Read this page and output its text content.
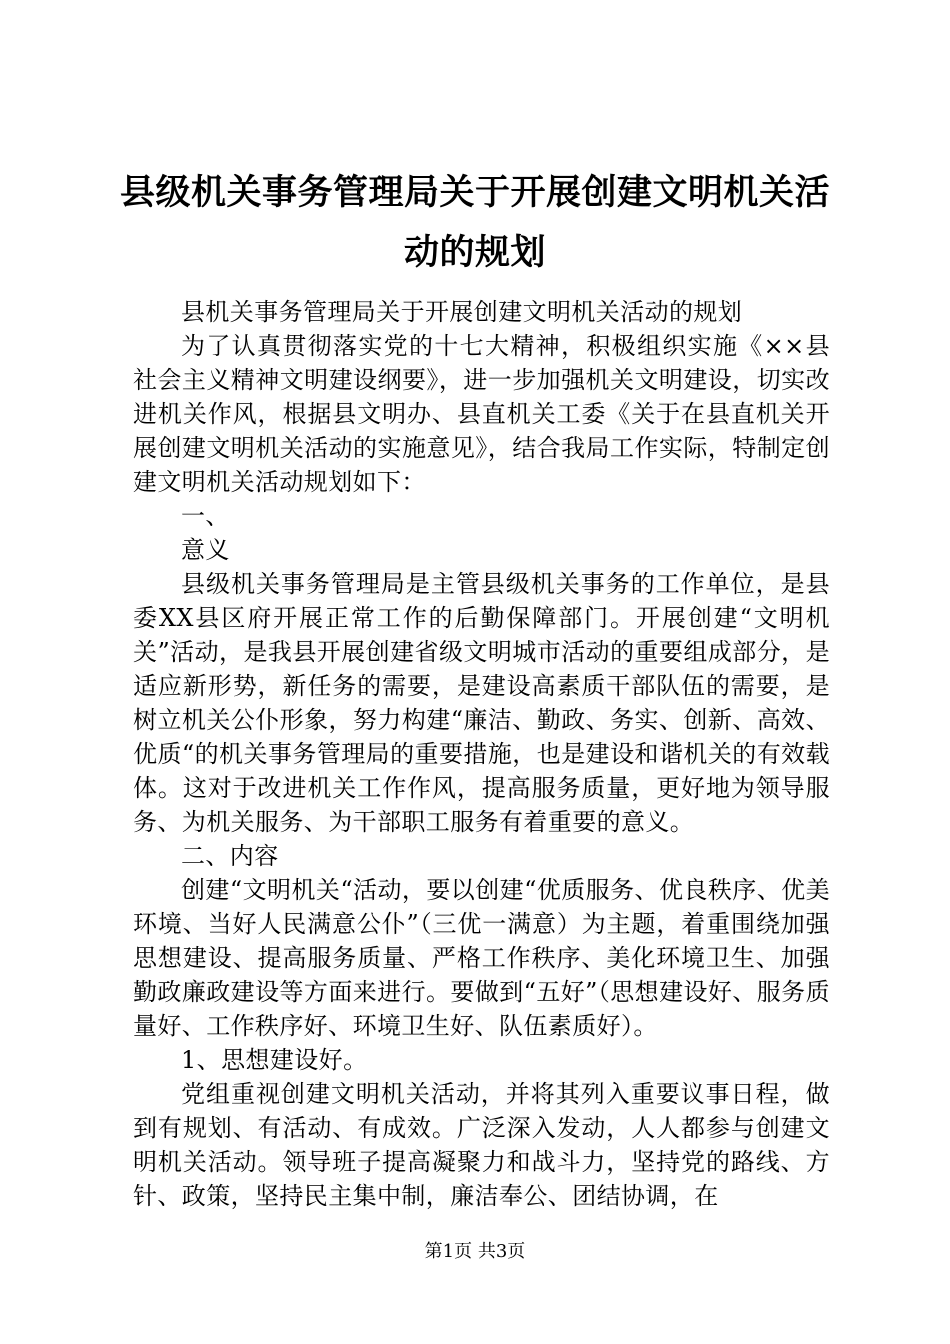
县级机关事务管理局关于开展创建文明机关活动的规划

县机关事务管理局关于开展创建文明机关活动的规划

为了认真贯彻落实党的十七大精神，积极组织实施《××县社会主义精神文明建设纲要》，进一步加强机关文明建设，切实改进机关作风，根据县文明办、县直机关工委《关于在县直机关开展创建文明机关活动的实施意见》，结合我局工作实际，特制定创建文明机关活动规划如下：

一、

意义

县级机关事务管理局是主管县级机关事务的工作单位，是县委XX县区府开展正常工作的后勤保障部门。开展创建“文明机关”活动，是我县开展创建省级文明城市活动的重要组成部分，是适应新形势，新任务的需要，是建设高素质干部队伍的需要，是树立机关公仆形象，努力构建“廉洁、勤政、务实、创新、高效、优质“的机关事务管理局的重要措施，也是建设和谐机关的有效载体。这对于改进机关工作作风，提高服务质量，更好地为领导服务、为机关服务、为干部职工服务有着重要的意义。

二、内容

创建“文明机关“活动，要以创建“优质服务、优良秩序、优美环境、当好人民满意公仆”（三优一满意）为主题，着重围绕加强思想建设、提高服务质量、严格工作秩序、美化环境卫生、加强勤政廉政建设等方面来进行。要做到“五好”（思想建设好、服务质量好、工作秩序好、环境卫生好、队伍素质好）。

1、思想建设好。

党组重视创建文明机关活动，并将其列入重要议事日程，做到有规划、有活动、有成效。广泛深入发动，人人都参与创建文明机关活动。领导班子提高凝聚力和战斗力，坚持党的路线、方针、政策，坚持民主集中制，廉洁奉公、团结协调，在

第1页 共3页
